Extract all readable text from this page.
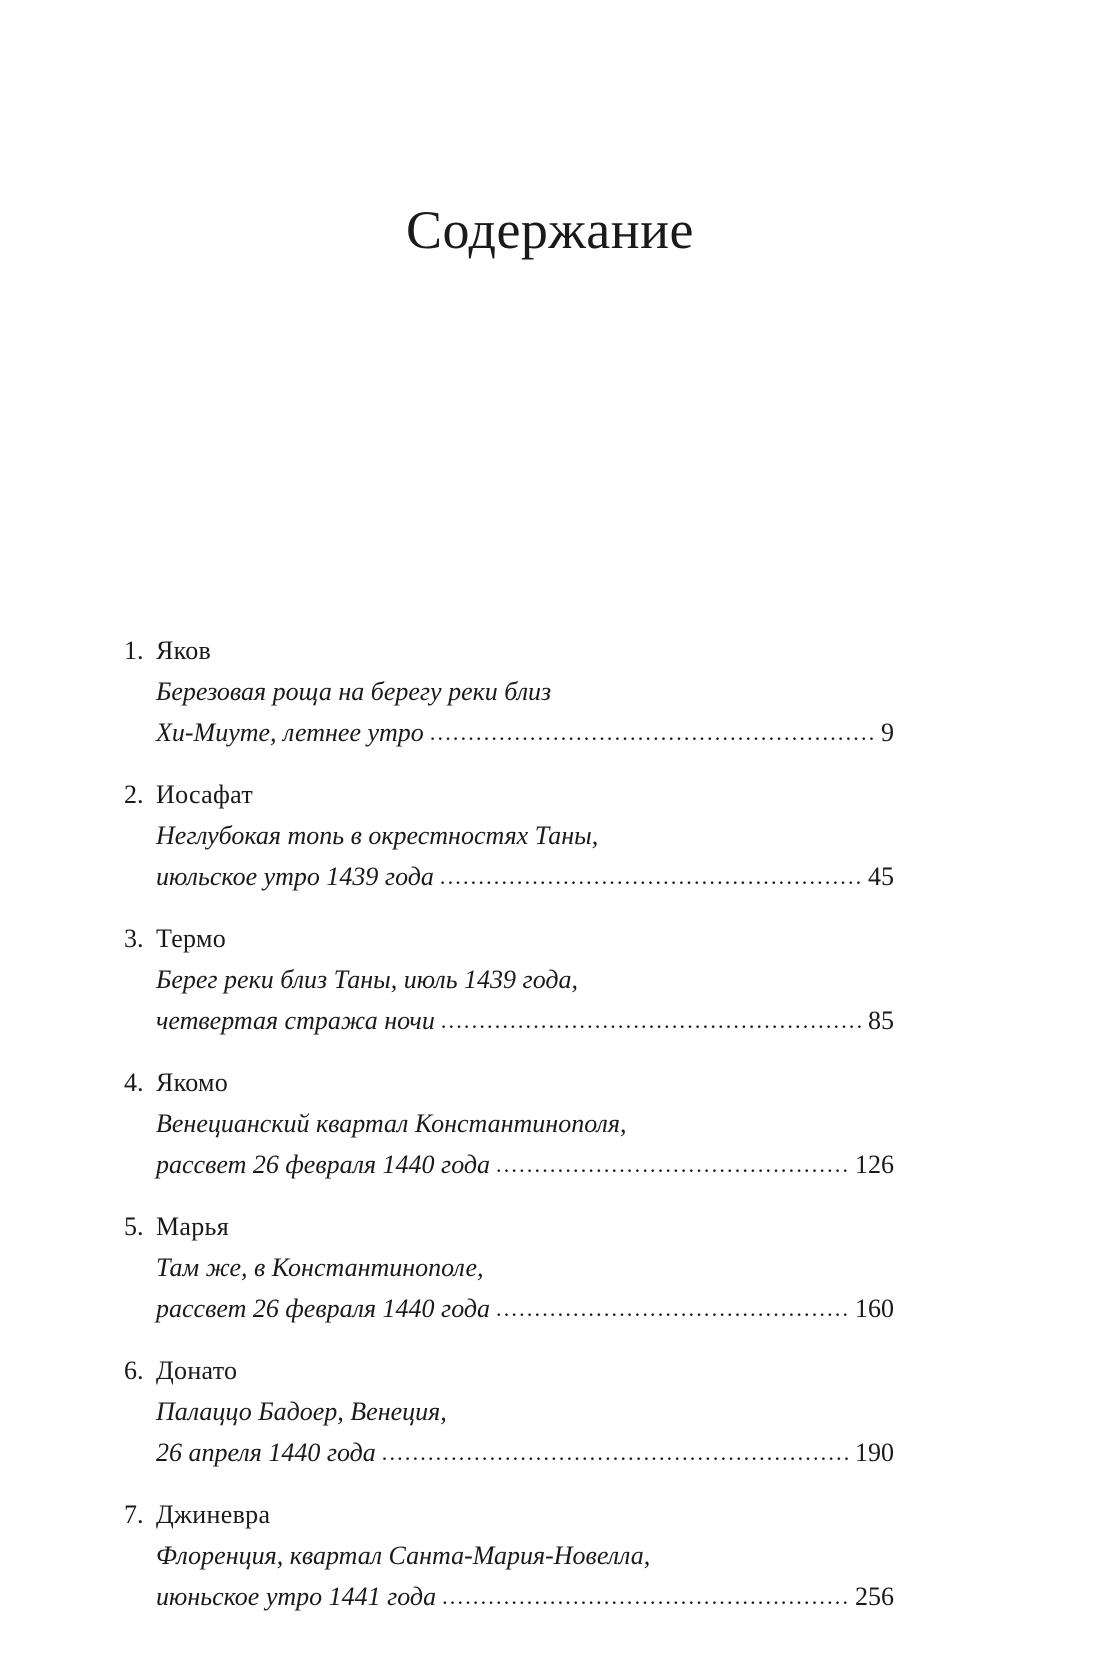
Содержание
1. Яков
Березовая роща на берегу реки близ
Хи-Миуте, летнее утро .....	9
2. Иосафат
Неглубокая топь в окрестностях Таны,
июльское утро 1439 года .....	45
3. Термо
Берег реки близ Таны, июль 1439 года,
четвертая стража ночи .....	85
4. Якомо
Венецианский квартал Константинополя,
рассвет 26 февраля 1440 года .....	126
5. Марья
Там же, в Константинополе,
рассвет 26 февраля 1440 года .....	160
6. Донато
Палаццо Бадоер, Венеция,
26 апреля 1440 года .....	190
7. Джиневра
Флоренция, квартал Санта-Мария-Новелла,
июньское утро 1441 года .....	256
